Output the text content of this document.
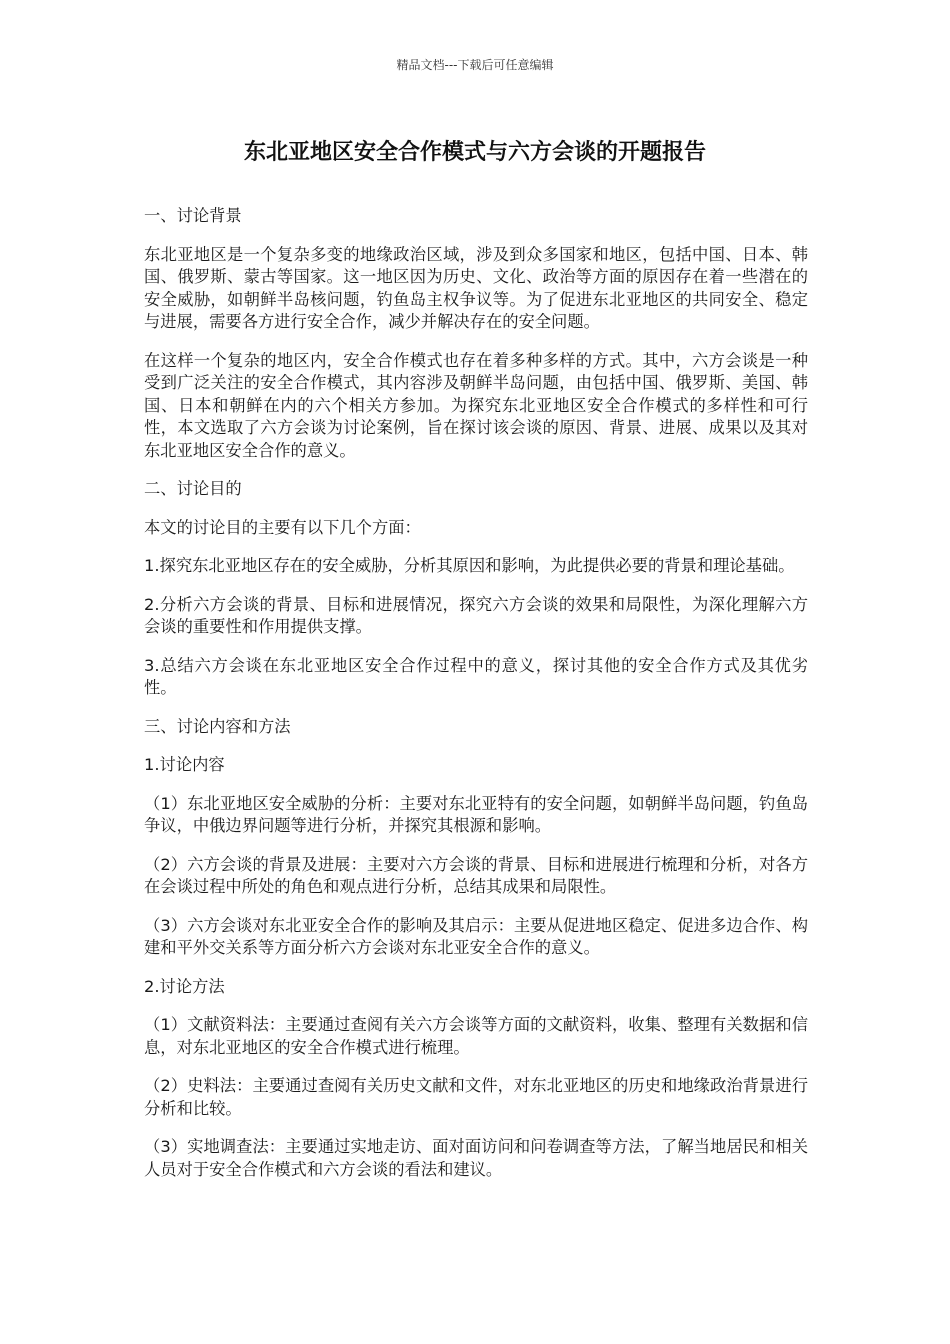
精品文档---下载后可任意编辑
东北亚地区安全合作模式与六方会谈的开题报告

一、讨论背景

东北亚地区是一个复杂多变的地缘政治区域，涉及到众多国家和地区，包括中国、日本、韩国、俄罗斯、蒙古等国家。这一地区因为历史、文化、政治等方面的原因存在着一些潜在的安全威胁，如朝鲜半岛核问题，钓鱼岛主权争议等。为了促进东北亚地区的共同安全、稳定与进展，需要各方进行安全合作，减少并解决存在的安全问题。

在这样一个复杂的地区内，安全合作模式也存在着多种多样的方式。其中，六方会谈是一种受到广泛关注的安全合作模式，其内容涉及朝鲜半岛问题，由包括中国、俄罗斯、美国、韩国、日本和朝鲜在内的六个相关方参加。为探究东北亚地区安全合作模式的多样性和可行性，本文选取了六方会谈为讨论案例，旨在探讨该会谈的原因、背景、进展、成果以及其对东北亚地区安全合作的意义。

二、讨论目的

本文的讨论目的主要有以下几个方面：

1.探究东北亚地区存在的安全威胁，分析其原因和影响，为此提供必要的背景和理论基础。

2.分析六方会谈的背景、目标和进展情况，探究六方会谈的效果和局限性，为深化理解六方会谈的重要性和作用提供支撑。

3.总结六方会谈在东北亚地区安全合作过程中的意义，探讨其他的安全合作方式及其优劣性。

三、讨论内容和方法

1.讨论内容

（1）东北亚地区安全威胁的分析：主要对东北亚特有的安全问题，如朝鲜半岛问题，钓鱼岛争议，中俄边界问题等进行分析，并探究其根源和影响。

（2）六方会谈的背景及进展：主要对六方会谈的背景、目标和进展进行梳理和分析，对各方在会谈过程中所处的角色和观点进行分析，总结其成果和局限性。

（3）六方会谈对东北亚安全合作的影响及其启示：主要从促进地区稳定、促进多边合作、构建和平外交关系等方面分析六方会谈对东北亚安全合作的意义。

2.讨论方法

（1）文献资料法：主要通过查阅有关六方会谈等方面的文献资料，收集、整理有关数据和信息，对东北亚地区的安全合作模式进行梳理。

（2）史料法：主要通过查阅有关历史文献和文件，对东北亚地区的历史和地缘政治背景进行分析和比较。

（3）实地调查法：主要通过实地走访、面对面访问和问卷调查等方法，了解当地居民和相关人员对于安全合作模式和六方会谈的看法和建议。
